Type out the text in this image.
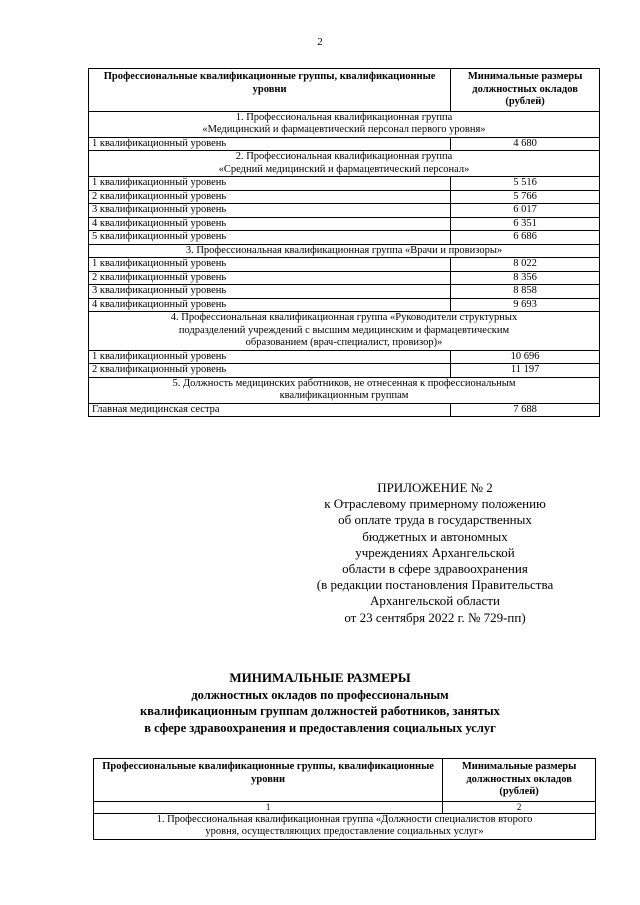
2
Профессиональные квалификационные группы, квалификационные уровни	Минимальные размеры должностных окладов (рублей)

1. Профессиональная квалификационная группа
«Медицинский и фармацевтический персонал первого уровня»	

1 квалификационный уровень	4 680

2. Профессиональная квалификационная группа
«Средний медицинский и фармацевтический персонал»	

1 квалификационный уровень	5 516
2 квалификационный уровень	5 766
3 квалификационный уровень	6 017
4 квалификационный уровень	6 351
5 квалификационный уровень	6 686

3. Профессиональная квалификационная группа «Врачи и провизоры»	

1 квалификационный уровень	8 022
2 квалификационный уровень	8 356
3 квалификационный уровень	8 858
4 квалификационный уровень	9 693

4. Профессиональная квалификационная группа «Руководители структурных
подразделений учреждений с высшим медицинским и фармацевтическим
образованием (врач-специалист, провизор)»	

1 квалификационный уровень	10 696
2 квалификационный уровень	11 197

5. Должность медицинских работников, не отнесенная к профессиональным
квалификационным группам	

Главная медицинская сестра	7 688
ПРИЛОЖЕНИЕ № 2
к Отраслевому примерному положению
об оплате труда в государственных
бюджетных и автономных
учреждениях Архангельской
области в сфере здравоохранения
(в редакции постановления Правительства
Архангельской области
от 23 сентября 2022 г. № 729-пп)
МИНИМАЛЬНЫЕ РАЗМЕРЫ
должностных окладов по профессиональным
квалификационным группам должностей работников, занятых
в сфере здравоохранения и предоставления социальных услуг
Профессиональные квалификационные группы, квалификационные уровни	Минимальные размеры должностных окладов (рублей)
1	2

1. Профессиональная квалификационная группа «Должности специалистов второго
уровня, осуществляющих предоставление социальных услуг»	
